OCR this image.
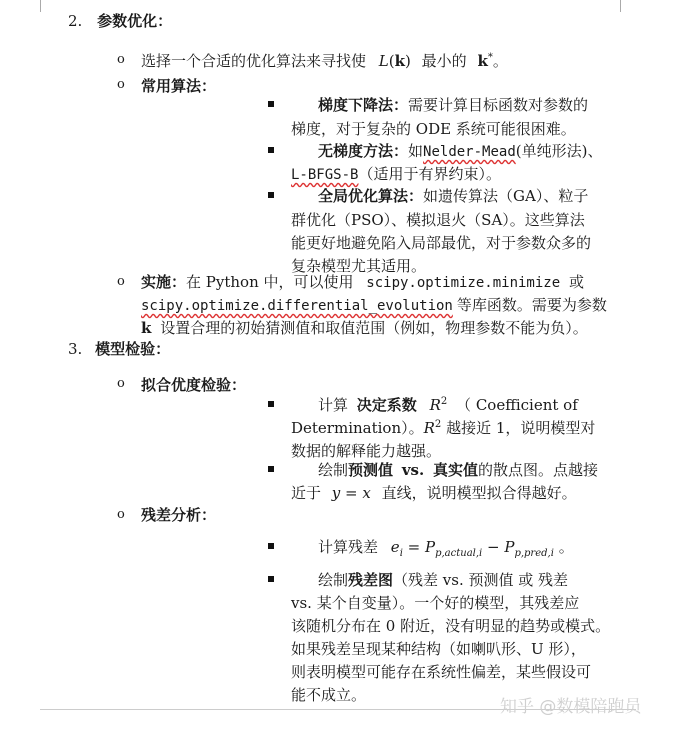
2. 参数优化：
o 选择一个合适的优化算法来寻找使 L(k) 最小的 k*。
o 常用算法：
梯度下降法：需要计算目标函数对参数的
梯度，对于复杂的 ODE 系统可能很困难。
无梯度方法：如Nelder-Mead(单纯形法)、
L-BFGS-B（适用于有界约束）。
全局优化算法：如遗传算法（GA）、粒子
群优化（PSO）、模拟退火（SA）。这些算法
能更好地避免陷入局部最优，对于参数众多的
复杂模型尤其适用。
o 实施：在 Python 中，可以使用 scipy.optimize.minimize 或
scipy.optimize.differential_evolution 等库函数。需要为参数
k 设置合理的初始猜测值和取值范围（例如，物理参数不能为负）。
3. 模型检验：
o 拟合优度检验：
计算 决定系数 $R^2$ （ Coefficient of
Determination）。$R^2$ 越接近 1，说明模型对
数据的解释能力越强。
绘制预测值 vs. 真实值的散点图。点越接
近于 y = x 直线，说明模型拟合得越好。
o 残差分析：
计算残差 $e_i = P_{p,actual,i} - P_{p,pred,i}$ 。
绘制残差图（残差 vs. 预测值 或 残差
vs. 某个自变量）。一个好的模型，其残差应
该随机分布在 0 附近，没有明显的趋势或模式。
如果残差呈现某种结构（如喇叭形、U 形），
则表明模型可能存在系统性偏差，某些假设可
能不成立。
知乎 @数模陪跑员
